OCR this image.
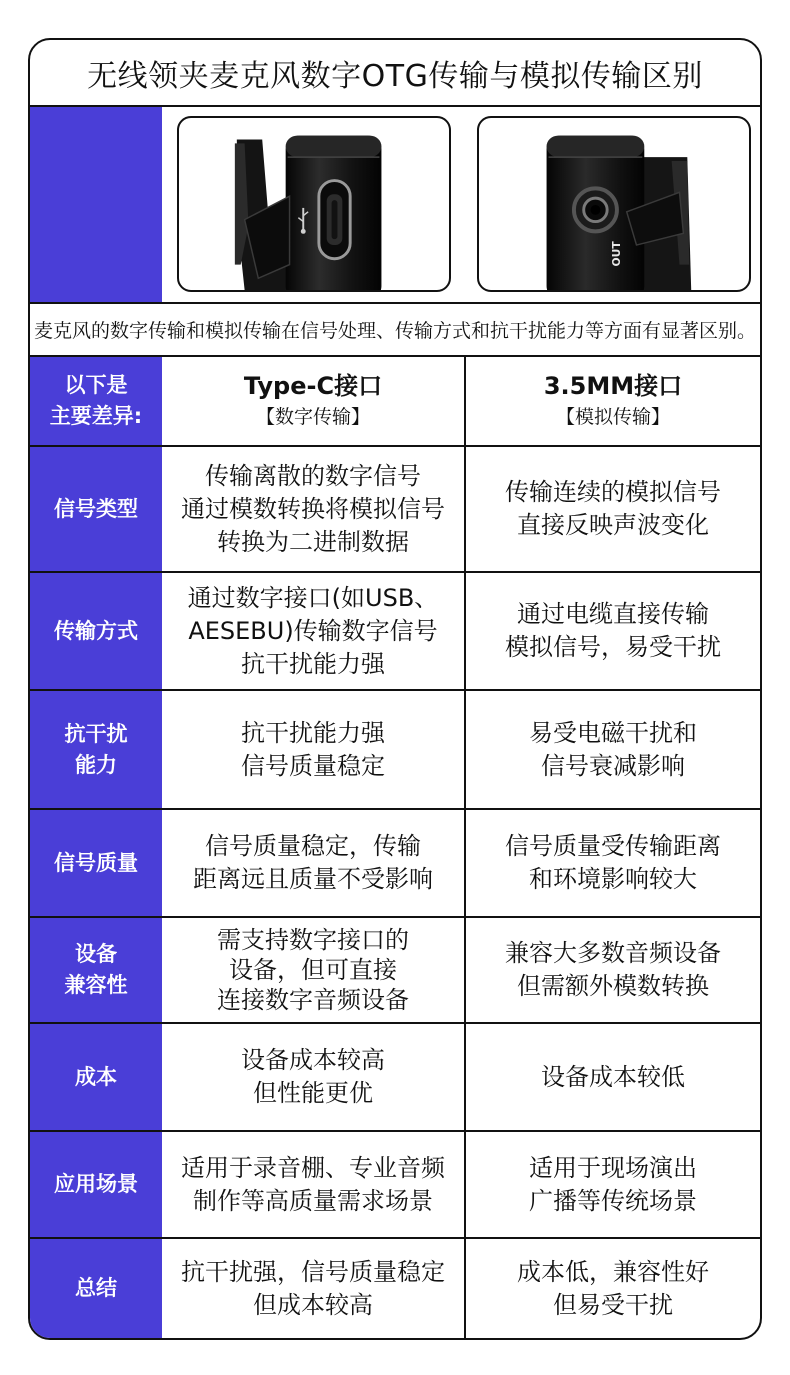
无线领夹麦克风数字OTG传输与模拟传输区别
OUT
麦克风的数字传输和模拟传输在信号处理、传输方式和抗干扰能力等方面有显著区别。
以下是
主要差异:
Type-C接口
【数字传输】
3.5MM接口
【模拟传输】
信号类型
传输离散的数字信号
通过模数转换将模拟信号
转换为二进制数据
传输连续的模拟信号
直接反映声波变化
传输方式
通过数字接口(如USB、
AESEBU)传输数字信号
抗干扰能力强
通过电缆直接传输
模拟信号，易受干扰
抗干扰
能力
抗干扰能力强
信号质量稳定
易受电磁干扰和
信号衰减影响
信号质量
信号质量稳定，传输
距离远且质量不受影响
信号质量受传输距离
和环境影响较大
设备
兼容性
需支持数字接口的
设备，但可直接
连接数字音频设备
兼容大多数音频设备
但需额外模数转换
成本
设备成本较高
但性能更优
设备成本较低
应用场景
适用于录音棚、专业音频
制作等高质量需求场景
适用于现场演出
广播等传统场景
总结
抗干扰强，信号质量稳定
但成本较高
成本低，兼容性好
但易受干扰
